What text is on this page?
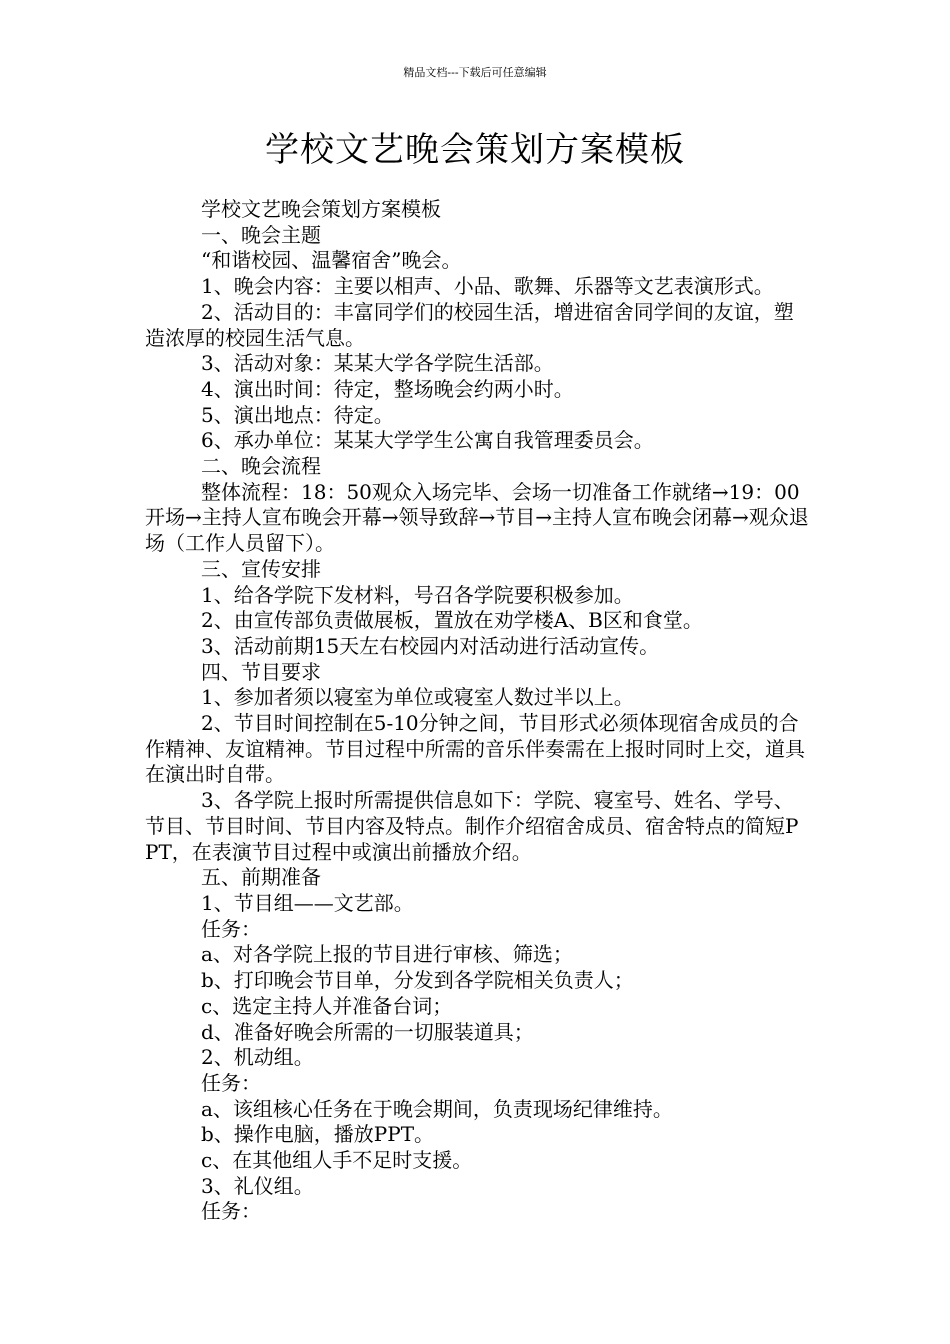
精品文档---下载后可任意编辑
学校文艺晚会策划方案模板

学校文艺晚会策划方案模板

一、晚会主题

“和谐校园、温馨宿舍”晚会。

1、晚会内容：主要以相声、小品、歌舞、乐器等文艺表演形式。

2、活动目的：丰富同学们的校园生活，增进宿舍同学间的友谊，塑造浓厚的校园生活气息。

3、活动对象：某某大学各学院生活部。

4、演出时间：待定，整场晚会约两小时。

5、演出地点：待定。

6、承办单位：某某大学学生公寓自我管理委员会。

二、晚会流程

整体流程：18：50观众入场完毕、会场一切准备工作就绪→19：00开场→主持人宣布晚会开幕→领导致辞→节目→主持人宣布晚会闭幕→观众退场（工作人员留下）。

三、宣传安排

1、给各学院下发材料，号召各学院要积极参加。

2、由宣传部负责做展板，置放在劝学楼A、B区和食堂。

3、活动前期15天左右校园内对活动进行活动宣传。

四、节目要求

1、参加者须以寝室为单位或寝室人数过半以上。

2、节目时间控制在5-10分钟之间，节目形式必须体现宿舍成员的合作精神、友谊精神。节目过程中所需的音乐伴奏需在上报时同时上交，道具在演出时自带。

3、各学院上报时所需提供信息如下：学院、寝室号、姓名、学号、节目、节目时间、节目内容及特点。制作介绍宿舍成员、宿舍特点的简短PPT，在表演节目过程中或演出前播放介绍。

五、前期准备

1、节目组——文艺部。

任务：

a、对各学院上报的节目进行审核、筛选；

b、打印晚会节目单，分发到各学院相关负责人；

c、选定主持人并准备台词；

d、准备好晚会所需的一切服装道具；

2、机动组。

任务：

a、该组核心任务在于晚会期间，负责现场纪律维持。

b、操作电脑，播放PPT。

c、在其他组人手不足时支援。

3、礼仪组。

任务：
